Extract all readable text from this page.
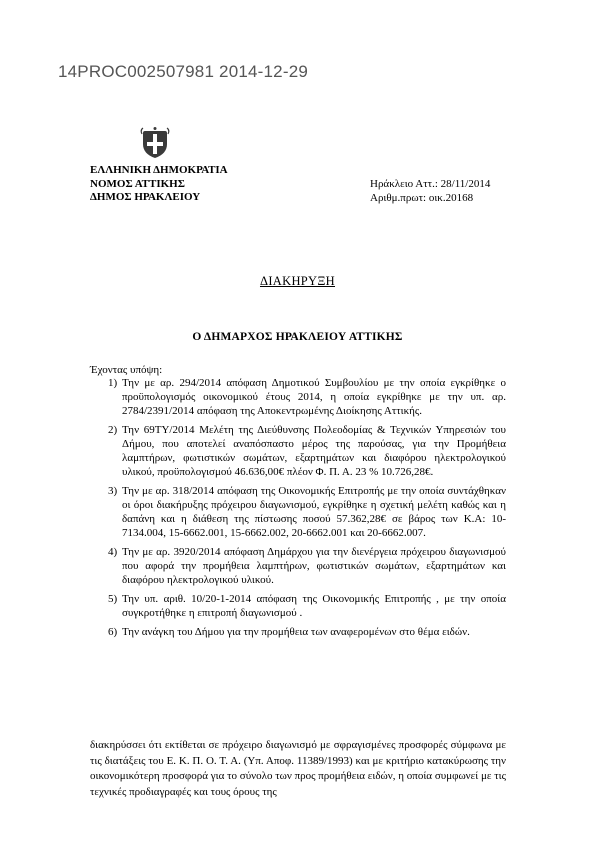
14PROC002507981 2014-12-29
ΕΛΛΗΝΙΚΗ ΔΗΜΟΚΡΑΤΙΑ
ΝΟΜΟΣ ΑΤΤΙΚΗΣ
ΔΗΜΟΣ ΗΡΑΚΛΕΙΟΥ
Ηράκλειο Αττ.: 28/11/2014
Αριθμ.πρωτ: οικ.20168
ΔΙΑΚΗΡΥΞΗ
Ο ΔΗΜΑΡΧΟΣ ΗΡΑΚΛΕΙΟΥ ΑΤΤΙΚΗΣ
Έχοντας υπόψη:
1) Την με αρ. 294/2014 απόφαση Δημοτικού Συμβουλίου με την οποία εγκρίθηκε ο προϋπολογισμός οικονομικού έτους 2014, η οποία εγκρίθηκε με την υπ. αρ. 2784/2391/2014 απόφαση της Αποκεντρωμένης Διοίκησης Αττικής.
2) Την 69ΤΥ/2014 Μελέτη της Διεύθυνσης Πολεοδομίας & Τεχνικών Υπηρεσιών του Δήμου, που αποτελεί αναπόσπαστο μέρος της παρούσας, για την Προμήθεια λαμπτήρων, φωτιστικών σωμάτων, εξαρτημάτων και διαφόρου ηλεκτρολογικού υλικού, προϋπολογισμού 46.636,00€ πλέον Φ. Π. Α. 23 % 10.726,28€.
3) Την με αρ. 318/2014 απόφαση της Οικονομικής Επιτροπής με την οποία συντάχθηκαν οι όροι διακήρυξης πρόχειρου διαγωνισμού, εγκρίθηκε η σχετική μελέτη καθώς και η δαπάνη και η διάθεση της πίστωσης ποσού 57.362,28€ σε βάρος των Κ.Α: 10-7134.004, 15-6662.001, 15-6662.002, 20-6662.001 και 20-6662.007.
4) Την με αρ. 3920/2014 απόφαση Δημάρχου για την διενέργεια πρόχειρου διαγωνισμού που αφορά την προμήθεια λαμπτήρων, φωτιστικών σωμάτων, εξαρτημάτων και διαφόρου ηλεκτρολογικού υλικού.
5) Την υπ. αριθ. 10/20-1-2014 απόφαση της Οικονομικής Επιτροπής , με την οποία συγκροτήθηκε η επιτροπή διαγωνισμού .
6) Την ανάγκη του Δήμου για την προμήθεια των αναφερομένων στο θέμα ειδών.

διακηρύσσει ότι εκτίθεται σε πρόχειρο διαγωνισμό με σφραγισμένες προσφορές σύμφωνα με τις διατάξεις του Ε. Κ. Π. Ο. Τ. Α. (Υπ. Αποφ. 11389/1993) και με κριτήριο κατακύρωσης την οικονομικότερη προσφορά για το σύνολο των προς προμήθεια ειδών, η οποία συμφωνεί με τις τεχνικές προδιαγραφές και τους όρους της
